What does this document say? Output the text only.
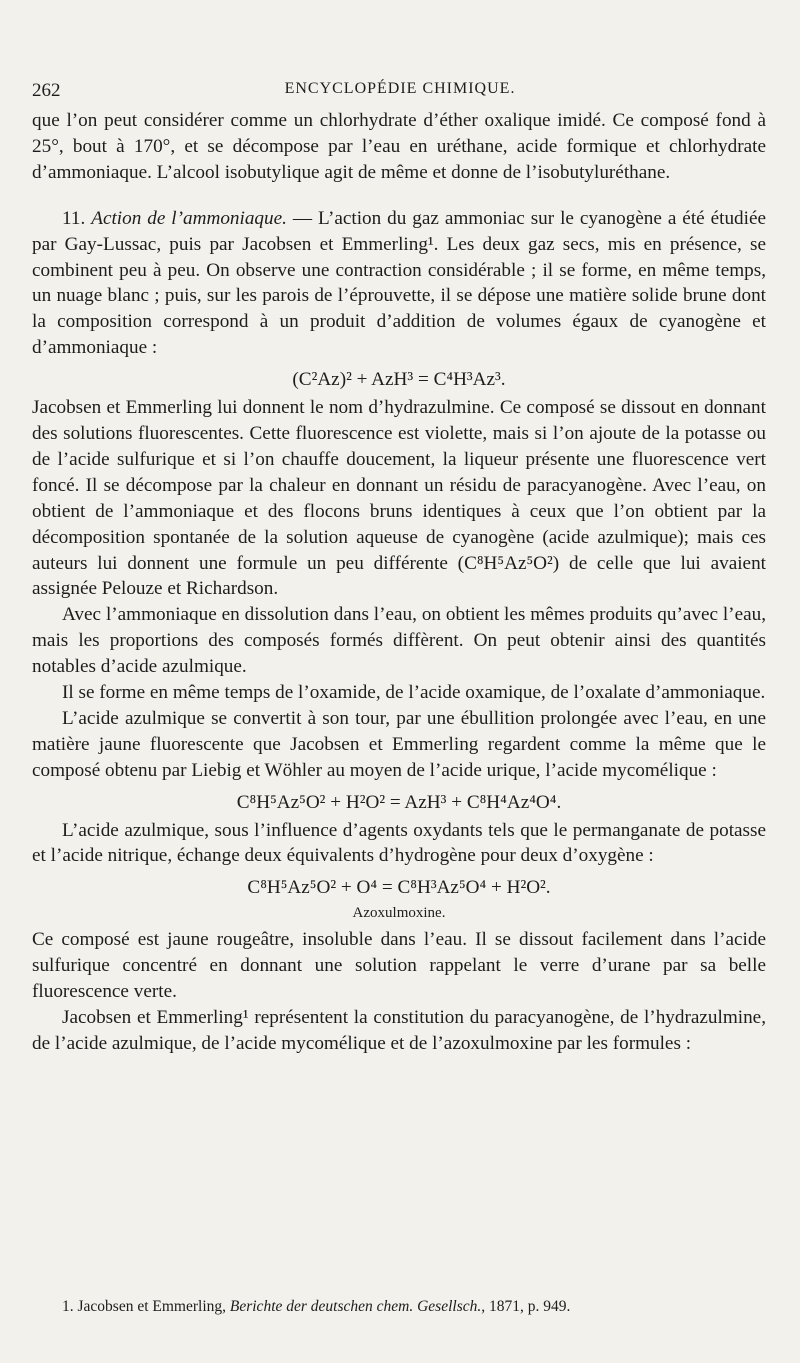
262	ENCYCLOPÉDIE CHIMIQUE.

que l’on peut considérer comme un chlorhydrate d’éther oxalique imidé. Ce composé fond à 25°, bout à 170°, et se décompose par l’eau en uréthane, acide formique et chlorhydrate d’ammoniaque. L’alcool isobutylique agit de même et donne de l’isobutyluréthane.

11. Action de l’ammoniaque. — L’action du gaz ammoniac sur le cyanogène a été étudiée par Gay-Lussac, puis par Jacobsen et Emmerling¹. Les deux gaz secs, mis en présence, se combinent peu à peu. On observe une contraction considérable ; il se forme, en même temps, un nuage blanc ; puis, sur les parois de l’éprouvette, il se dépose une matière solide brune dont la composition correspond à un produit d’addition de volumes égaux de cyanogène et d’ammoniaque :

(C²Az)² + AzH³ = C⁴H³Az³.

Jacobsen et Emmerling lui donnent le nom d’hydrazulmine. Ce composé se dissout en donnant des solutions fluorescentes. Cette fluorescence est violette, mais si l’on ajoute de la potasse ou de l’acide sulfurique et si l’on chauffe doucement, la liqueur présente une fluorescence vert foncé. Il se décompose par la chaleur en donnant un résidu de paracyanogène. Avec l’eau, on obtient de l’ammoniaque et des flocons bruns identiques à ceux que l’on obtient par la décomposition spontanée de la solution aqueuse de cyanogène (acide azulmique); mais ces auteurs lui donnent une formule un peu différente (C⁸H⁵Az⁵O²) de celle que lui avaient assignée Pelouze et Richardson.

Avec l’ammoniaque en dissolution dans l’eau, on obtient les mêmes produits qu’avec l’eau, mais les proportions des composés formés diffèrent. On peut obtenir ainsi des quantités notables d’acide azulmique.

Il se forme en même temps de l’oxamide, de l’acide oxamique, de l’oxalate d’ammoniaque.

L’acide azulmique se convertit à son tour, par une ébullition prolongée avec l’eau, en une matière jaune fluorescente que Jacobsen et Emmerling regardent comme la même que le composé obtenu par Liebig et Wöhler au moyen de l’acide urique, l’acide mycomélique :

C⁸H⁵Az⁵O² + H²O² = AzH³ + C⁸H⁴Az⁴O⁴.

L’acide azulmique, sous l’influence d’agents oxydants tels que le permanganate de potasse et l’acide nitrique, échange deux équivalents d’hydrogène pour deux d’oxygène :

C⁸H⁵Az⁵O² + O⁴ = C⁸H³Az⁵O⁴ + H²O².
Azoxulmoxine.

Ce composé est jaune rougeâtre, insoluble dans l’eau. Il se dissout facilement dans l’acide sulfurique concentré en donnant une solution rappelant le verre d’urane par sa belle fluorescence verte.

Jacobsen et Emmerling¹ représentent la constitution du paracyanogène, de l’hydrazulmine, de l’acide azulmique, de l’acide mycomélique et de l’azoxulmoxine par les formules :

1. Jacobsen et Emmerling, Berichte der deutschen chem. Gesellsch., 1871, p. 949.
